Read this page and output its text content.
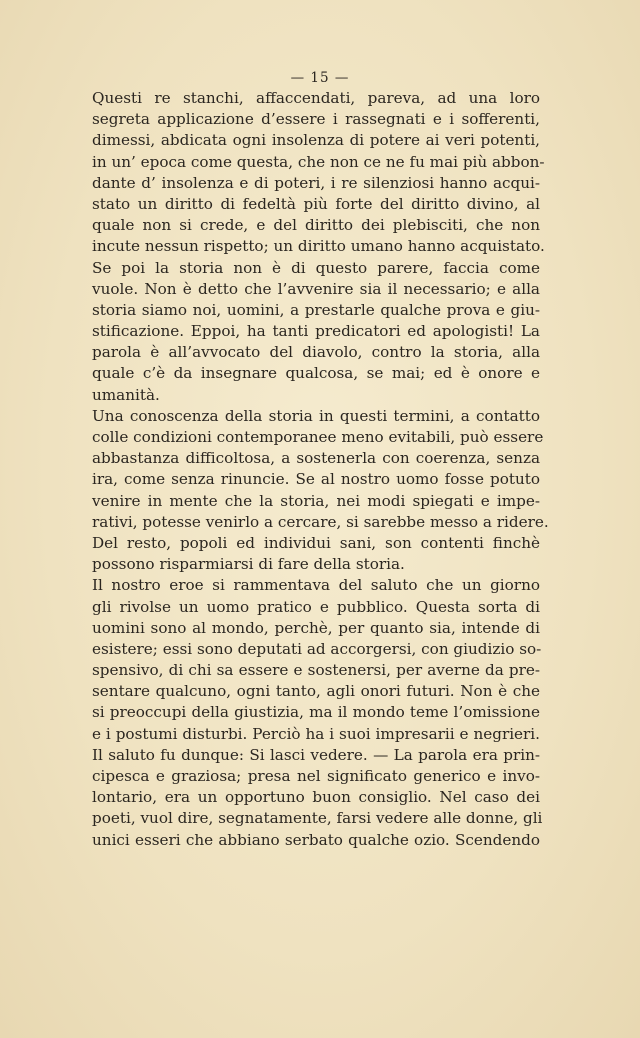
— 15 —
Questi re stanchi, affaccendati, pareva, ad una loro
segreta applicazione d’essere i rassegnati e i sofferenti,
dimessi, abdicata ogni insolenza di potere ai veri potenti,
in un’ epoca come questa, che non ce ne fu mai più abbon-
dante d’ insolenza e di poteri, i re silenziosi hanno acqui-
stato un diritto di fedeltà più forte del diritto divino, al
quale non si crede, e del diritto dei plebisciti, che non
incute nessun rispetto; un diritto umano hanno acquistato.
Se poi la storia non è di questo parere, faccia come
vuole. Non è detto che l’avvenire sia il necessario; e alla
storia siamo noi, uomini, a prestarle qualche prova e giu-
stificazione. Eppoi, ha tanti predicatori ed apologisti! La
parola è all’avvocato del diavolo, contro la storia, alla
quale c’è da insegnare qualcosa, se mai; ed è onore e
umanità.
Una conoscenza della storia in questi termini, a contatto
colle condizioni contemporanee meno evitabili, può essere
abbastanza difficoltosa, a sostenerla con coerenza, senza
ira, come senza rinuncie. Se al nostro uomo fosse potuto
venire in mente che la storia, nei modi spiegati e impe-
rativi, potesse venirlo a cercare, si sarebbe messo a ridere.
Del resto, popoli ed individui sani, son contenti finchè
possono risparmiarsi di fare della storia.
Il nostro eroe si rammentava del saluto che un giorno
gli rivolse un uomo pratico e pubblico. Questa sorta di
uomini sono al mondo, perchè, per quanto sia, intende di
esistere; essi sono deputati ad accorgersi, con giudizio so-
spensivo, di chi sa essere e sostenersi, per averne da pre-
sentare qualcuno, ogni tanto, agli onori futuri. Non è che
si preoccupi della giustizia, ma il mondo teme l’omissione
e i postumi disturbi. Perciò ha i suoi impresarii e negrieri.
Il saluto fu dunque: Si lasci vedere. — La parola era prin-
cipesca e graziosa; presa nel significato generico e invo-
lontario, era un opportuno buon consiglio. Nel caso dei
poeti, vuol dire, segnatamente, farsi vedere alle donne, gli
unici esseri che abbiano serbato qualche ozio. Scendendo
